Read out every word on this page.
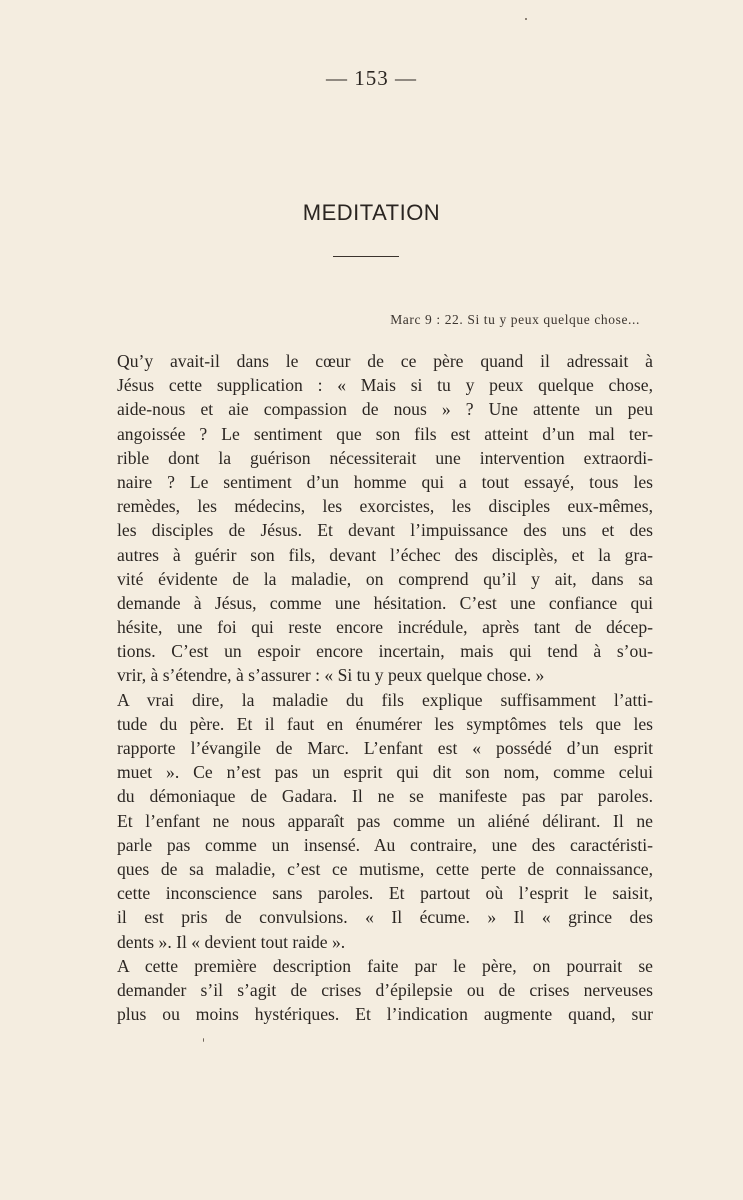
— 153 —
MEDITATION
Marc 9 : 22. Si tu y peux quelque chose...
Qu’y avait-il dans le cœur de ce père quand il adressait à
Jésus cette supplication : « Mais si tu y peux quelque chose,
aide-nous et aie compassion de nous » ? Une attente un peu
angoissée ? Le sentiment que son fils est atteint d’un mal ter-
rible dont la guérison nécessiterait une intervention extraordi-
naire ? Le sentiment d’un homme qui a tout essayé, tous les
remèdes, les médecins, les exorcistes, les disciples eux-mêmes,
les disciples de Jésus. Et devant l’impuissance des uns et des
autres à guérir son fils, devant l’échec des disciplès, et la gra-
vité évidente de la maladie, on comprend qu’il y ait, dans sa
demande à Jésus, comme une hésitation. C’est une confiance qui
hésite, une foi qui reste encore incrédule, après tant de décep-
tions. C’est un espoir encore incertain, mais qui tend à s’ou-
vrir, à s’étendre, à s’assurer : « Si tu y peux quelque chose. »
A vrai dire, la maladie du fils explique suffisamment l’atti-
tude du père. Et il faut en énumérer les symptômes tels que les
rapporte l’évangile de Marc. L’enfant est « possédé d’un esprit
muet ». Ce n’est pas un esprit qui dit son nom, comme celui
du démoniaque de Gadara. Il ne se manifeste pas par paroles.
Et l’enfant ne nous apparaît pas comme un aliéné délirant. Il ne
parle pas comme un insensé. Au contraire, une des caractéristi-
ques de sa maladie, c’est ce mutisme, cette perte de connaissance,
cette inconscience sans paroles. Et partout où l’esprit le saisit,
il est pris de convulsions. « Il écume. » Il « grince des
dents ». Il « devient tout raide ».
A cette première description faite par le père, on pourrait se
demander s’il s’agit de crises d’épilepsie ou de crises nerveuses
plus ou moins hystériques. Et l’indication augmente quand, sur
